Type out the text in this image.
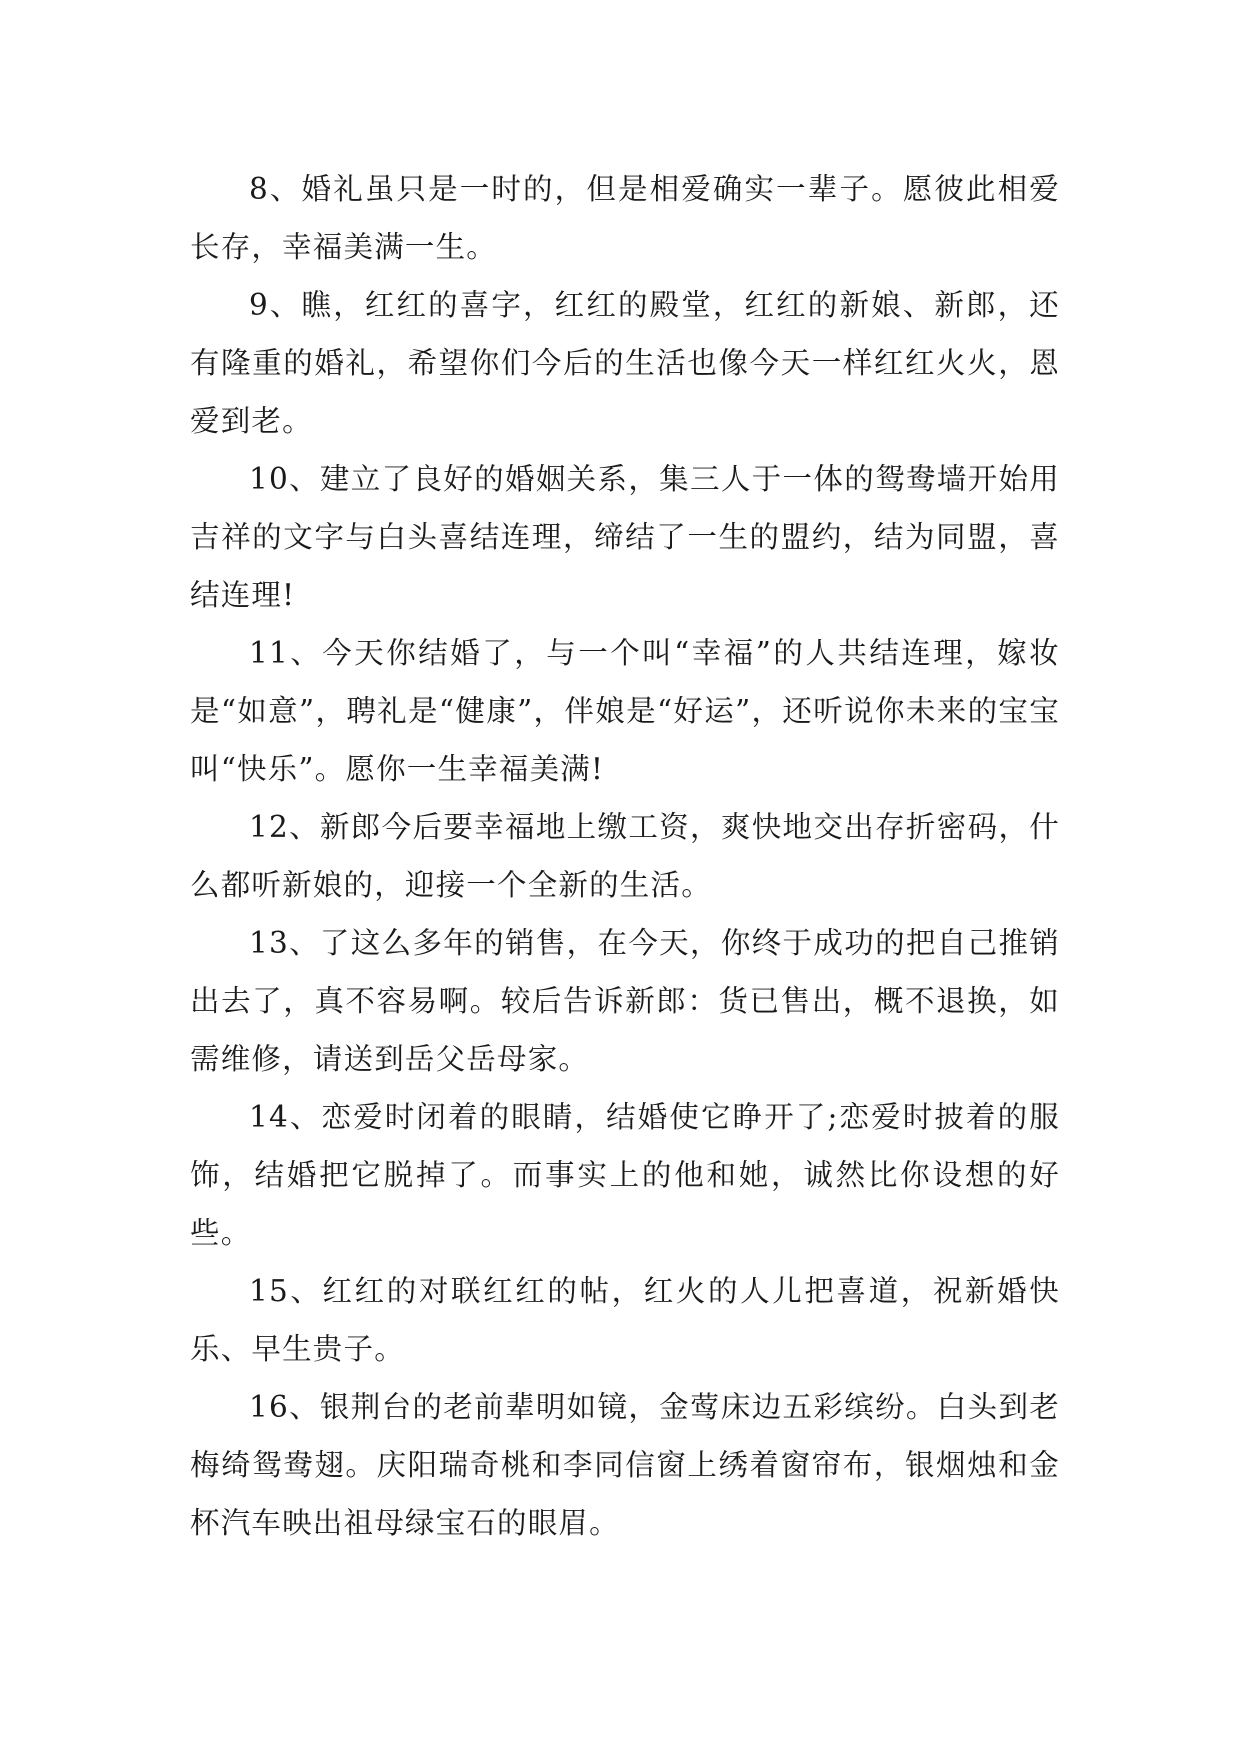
8、婚礼虽只是一时的，但是相爱确实一辈子。愿彼此相爱长存，幸福美满一生。

9、瞧，红红的喜字，红红的殿堂，红红的新娘、新郎，还有隆重的婚礼，希望你们今后的生活也像今天一样红红火火，恩爱到老。

10、建立了良好的婚姻关系，集三人于一体的鸳鸯墙开始用吉祥的文字与白头喜结连理，缔结了一生的盟约，结为同盟，喜结连理!

11、今天你结婚了，与一个叫“幸福”的人共结连理，嫁妆是“如意”，聘礼是“健康”，伴娘是“好运”，还听说你未来的宝宝叫“快乐”。愿你一生幸福美满!

12、新郎今后要幸福地上缴工资，爽快地交出存折密码，什么都听新娘的，迎接一个全新的生活。

13、了这么多年的销售，在今天，你终于成功的把自己推销出去了，真不容易啊。较后告诉新郎：货已售出，概不退换，如需维修，请送到岳父岳母家。

14、恋爱时闭着的眼睛，结婚使它睁开了;恋爱时披着的服饰，结婚把它脱掉了。而事实上的他和她，诚然比你设想的好些。

15、红红的对联红红的帖，红火的人儿把喜道，祝新婚快乐、早生贵子。

16、银荆台的老前辈明如镜，金莺床边五彩缤纷。白头到老梅绮鸳鸯翅。庆阳瑞奇桃和李同信窗上绣着窗帘布，银烟烛和金杯汽车映出祖母绿宝石的眼眉。
